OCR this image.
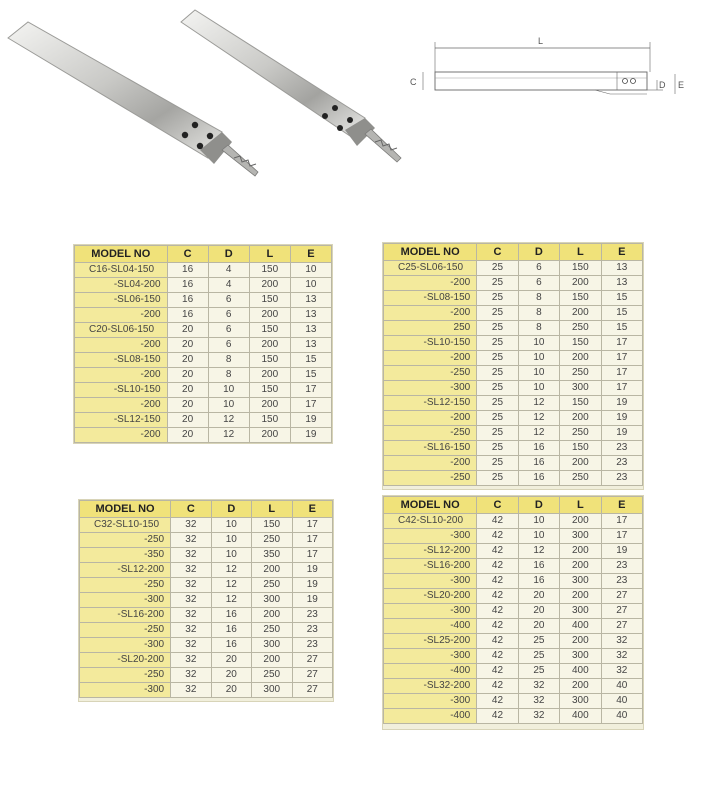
L
C	D E
MODEL NO	C	D	L	E
C16-SL04-150	16	4	150	10
-SL04-200	16	4	200	10
-SL06-150	16	6	150	13
-200	16	6	200	13
C20-SL06-150	20	6	150	13
-200	20	6	200	13
-SL08-150	20	8	150	15
-200	20	8	200	15
-SL10-150	20	10	150	17
-200	20	10	200	17
-SL12-150	20	12	150	19
-200	20	12	200	19
MODEL NO	C	D	L	E
C25-SL06-150	25	6	150	13
-200	25	6	200	13
-SL08-150	25	8	150	15
-200	25	8	200	15
250	25	8	250	15
-SL10-150	25	10	150	17
-200	25	10	200	17
-250	25	10	250	17
-300	25	10	300	17
-SL12-150	25	12	150	19
-200	25	12	200	19
-250	25	12	250	19
-SL16-150	25	16	150	23
-200	25	16	200	23
-250	25	16	250	23
MODEL NO	C	D	L	E
C32-SL10-150	32	10	150	17
-250	32	10	250	17
-350	32	10	350	17
-SL12-200	32	12	200	19
-250	32	12	250	19
-300	32	12	300	19
-SL16-200	32	16	200	23
-250	32	16	250	23
-300	32	16	300	23
-SL20-200	32	20	200	27
-250	32	20	250	27
-300	32	20	300	27
MODEL NO	C	D	L	E
C42-SL10-200	42	10	200	17
-300	42	10	300	17
-SL12-200	42	12	200	19
-SL16-200	42	16	200	23
-300	42	16	300	23
-SL20-200	42	20	200	27
-300	42	20	300	27
-400	42	20	400	27
-SL25-200	42	25	200	32
-300	42	25	300	32
-400	42	25	400	32
-SL32-200	42	32	200	40
-300	42	32	300	40
-400	42	32	400	40
